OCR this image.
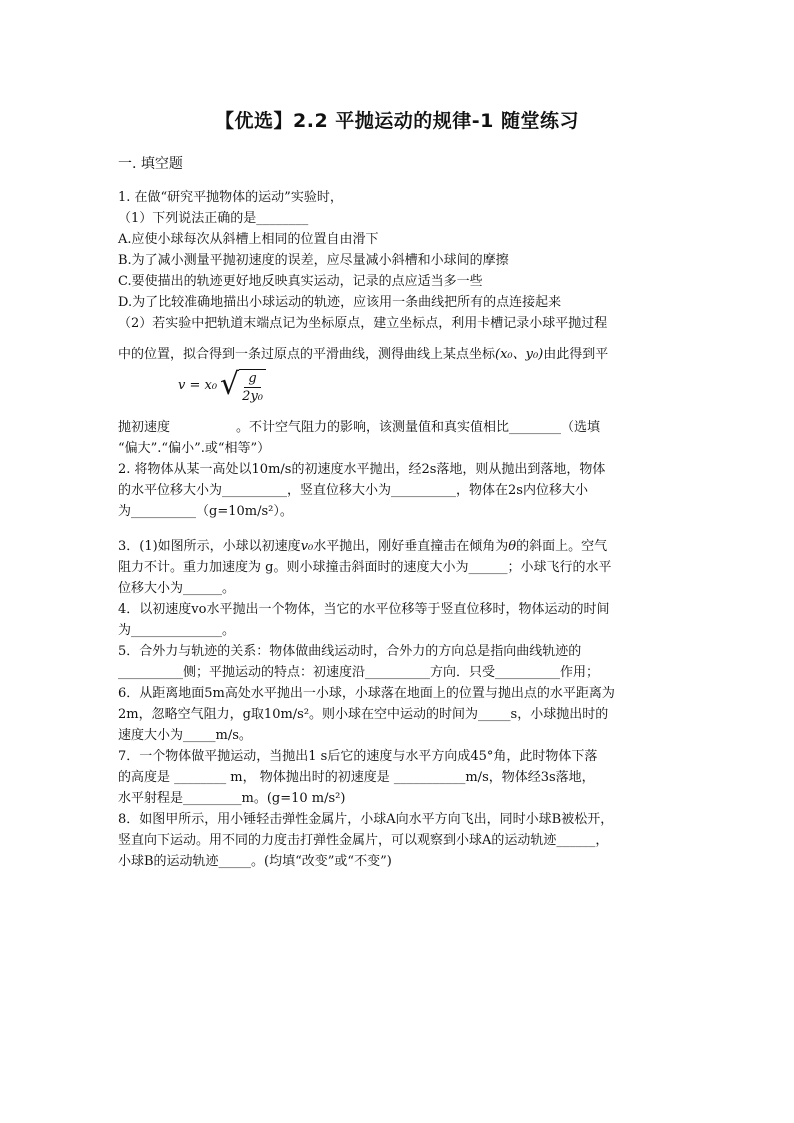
【优选】2.2 平抛运动的规律-1 随堂练习
一. 填空题
1. 在做“研究平抛物体的运动”实验时，
（1）下列说法正确的是________
A.应使小球每次从斜槽上相同的位置自由滑下
B.为了减小测量平抛初速度的误差，应尽量减小斜槽和小球间的摩擦
C.要使描出的轨迹更好地反映真实运动，记录的点应适当多一些
D.为了比较准确地描出小球运动的轨迹，应该用一条曲线把所有的点连接起来
（2）若实验中把轨道末端点记为坐标原点，建立坐标点，利用卡槽记录小球平抛过程
中的位置，拟合得到一条过原点的平滑曲线，测得曲线上某点坐标(x₀、y₀)由此得到平
v = x₀ √ $\frac{g}{\text{2y₀}}$
抛初速度	。不计空气阻力的影响，该测量值和真实值相比________（选填
“偏大”.“偏小”.或“相等”）
2. 将物体从某一高处以10m/s的初速度水平抛出，经2s落地，则从抛出到落地，物体
的水平位移大小为__________，竖直位移大小为__________，物体在2s内位移大小
为__________（g=10m/s²）。
3．(1)如图所示，小球以初速度v₀水平抛出，刚好垂直撞击在倾角为θ的斜面上。空气
阻力不计。重力加速度为 g。则小球撞击斜面时的速度大小为______；小球飞行的水平
位移大小为______。
4．以初速度vo水平抛出一个物体，当它的水平位移等于竖直位移时，物体运动的时间
为______________。
5．合外力与轨迹的关系：物体做曲线运动时，合外力的方向总是指向曲线轨迹的
__________侧；平抛运动的特点：初速度沿__________方向．只受__________作用；
6．从距离地面5m高处水平抛出一小球，小球落在地面上的位置与抛出点的水平距离为
2m，忽略空气阻力，g取10m/s²。则小球在空中运动的时间为_____s，小球抛出时的
速度大小为_____m/s。
7．一个物体做平抛运动，当抛出1 s后它的速度与水平方向成45°角，此时物体下落
的高度是 ________ m， 物体抛出时的初速度是 ___________m/s，物体经3s落地，
水平射程是_________m。(g=10 m/s²)
8．如图甲所示，用小锤轻击弹性金属片，小球A向水平方向飞出，同时小球B被松开，
竖直向下运动。用不同的力度击打弹性金属片，可以观察到小球A的运动轨迹______，
小球B的运动轨迹_____。(均填“改变”或“不变”)
